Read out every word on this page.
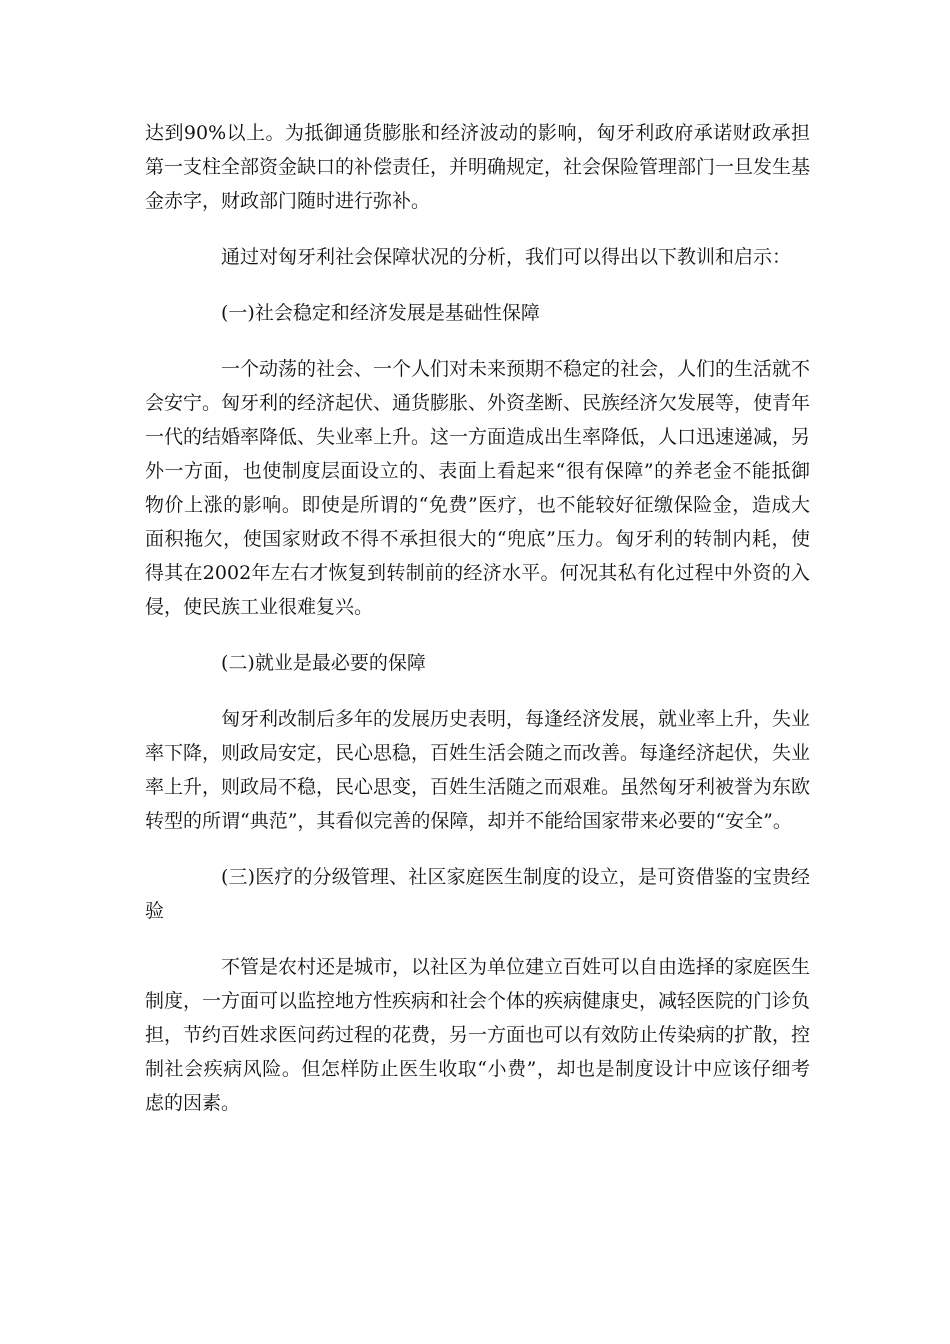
达到90%以上。为抵御通货膨胀和经济波动的影响，匈牙利政府承诺财政承担第一支柱全部资金缺口的补偿责任，并明确规定，社会保险管理部门一旦发生基金赤字，财政部门随时进行弥补。

通过对匈牙利社会保障状况的分析，我们可以得出以下教训和启示：

(一)社会稳定和经济发展是基础性保障

一个动荡的社会、一个人们对未来预期不稳定的社会，人们的生活就不会安宁。匈牙利的经济起伏、通货膨胀、外资垄断、民族经济欠发展等，使青年一代的结婚率降低、失业率上升。这一方面造成出生率降低，人口迅速递减，另外一方面，也使制度层面设立的、表面上看起来“很有保障”的养老金不能抵御物价上涨的影响。即使是所谓的“免费”医疗，也不能较好征缴保险金，造成大面积拖欠，使国家财政不得不承担很大的“兜底”压力。匈牙利的转制内耗，使得其在2002年左右才恢复到转制前的经济水平。何况其私有化过程中外资的入侵，使民族工业很难复兴。

(二)就业是最必要的保障

匈牙利改制后多年的发展历史表明，每逢经济发展，就业率上升，失业率下降，则政局安定，民心思稳，百姓生活会随之而改善。每逢经济起伏，失业率上升，则政局不稳，民心思变，百姓生活随之而艰难。虽然匈牙利被誉为东欧转型的所谓“典范”，其看似完善的保障，却并不能给国家带来必要的“安全”。

(三)医疗的分级管理、社区家庭医生制度的设立，是可资借鉴的宝贵经验

不管是农村还是城市，以社区为单位建立百姓可以自由选择的家庭医生制度，一方面可以监控地方性疾病和社会个体的疾病健康史，减轻医院的门诊负担，节约百姓求医问药过程的花费，另一方面也可以有效防止传染病的扩散，控制社会疾病风险。但怎样防止医生收取“小费”，却也是制度设计中应该仔细考虑的因素。
